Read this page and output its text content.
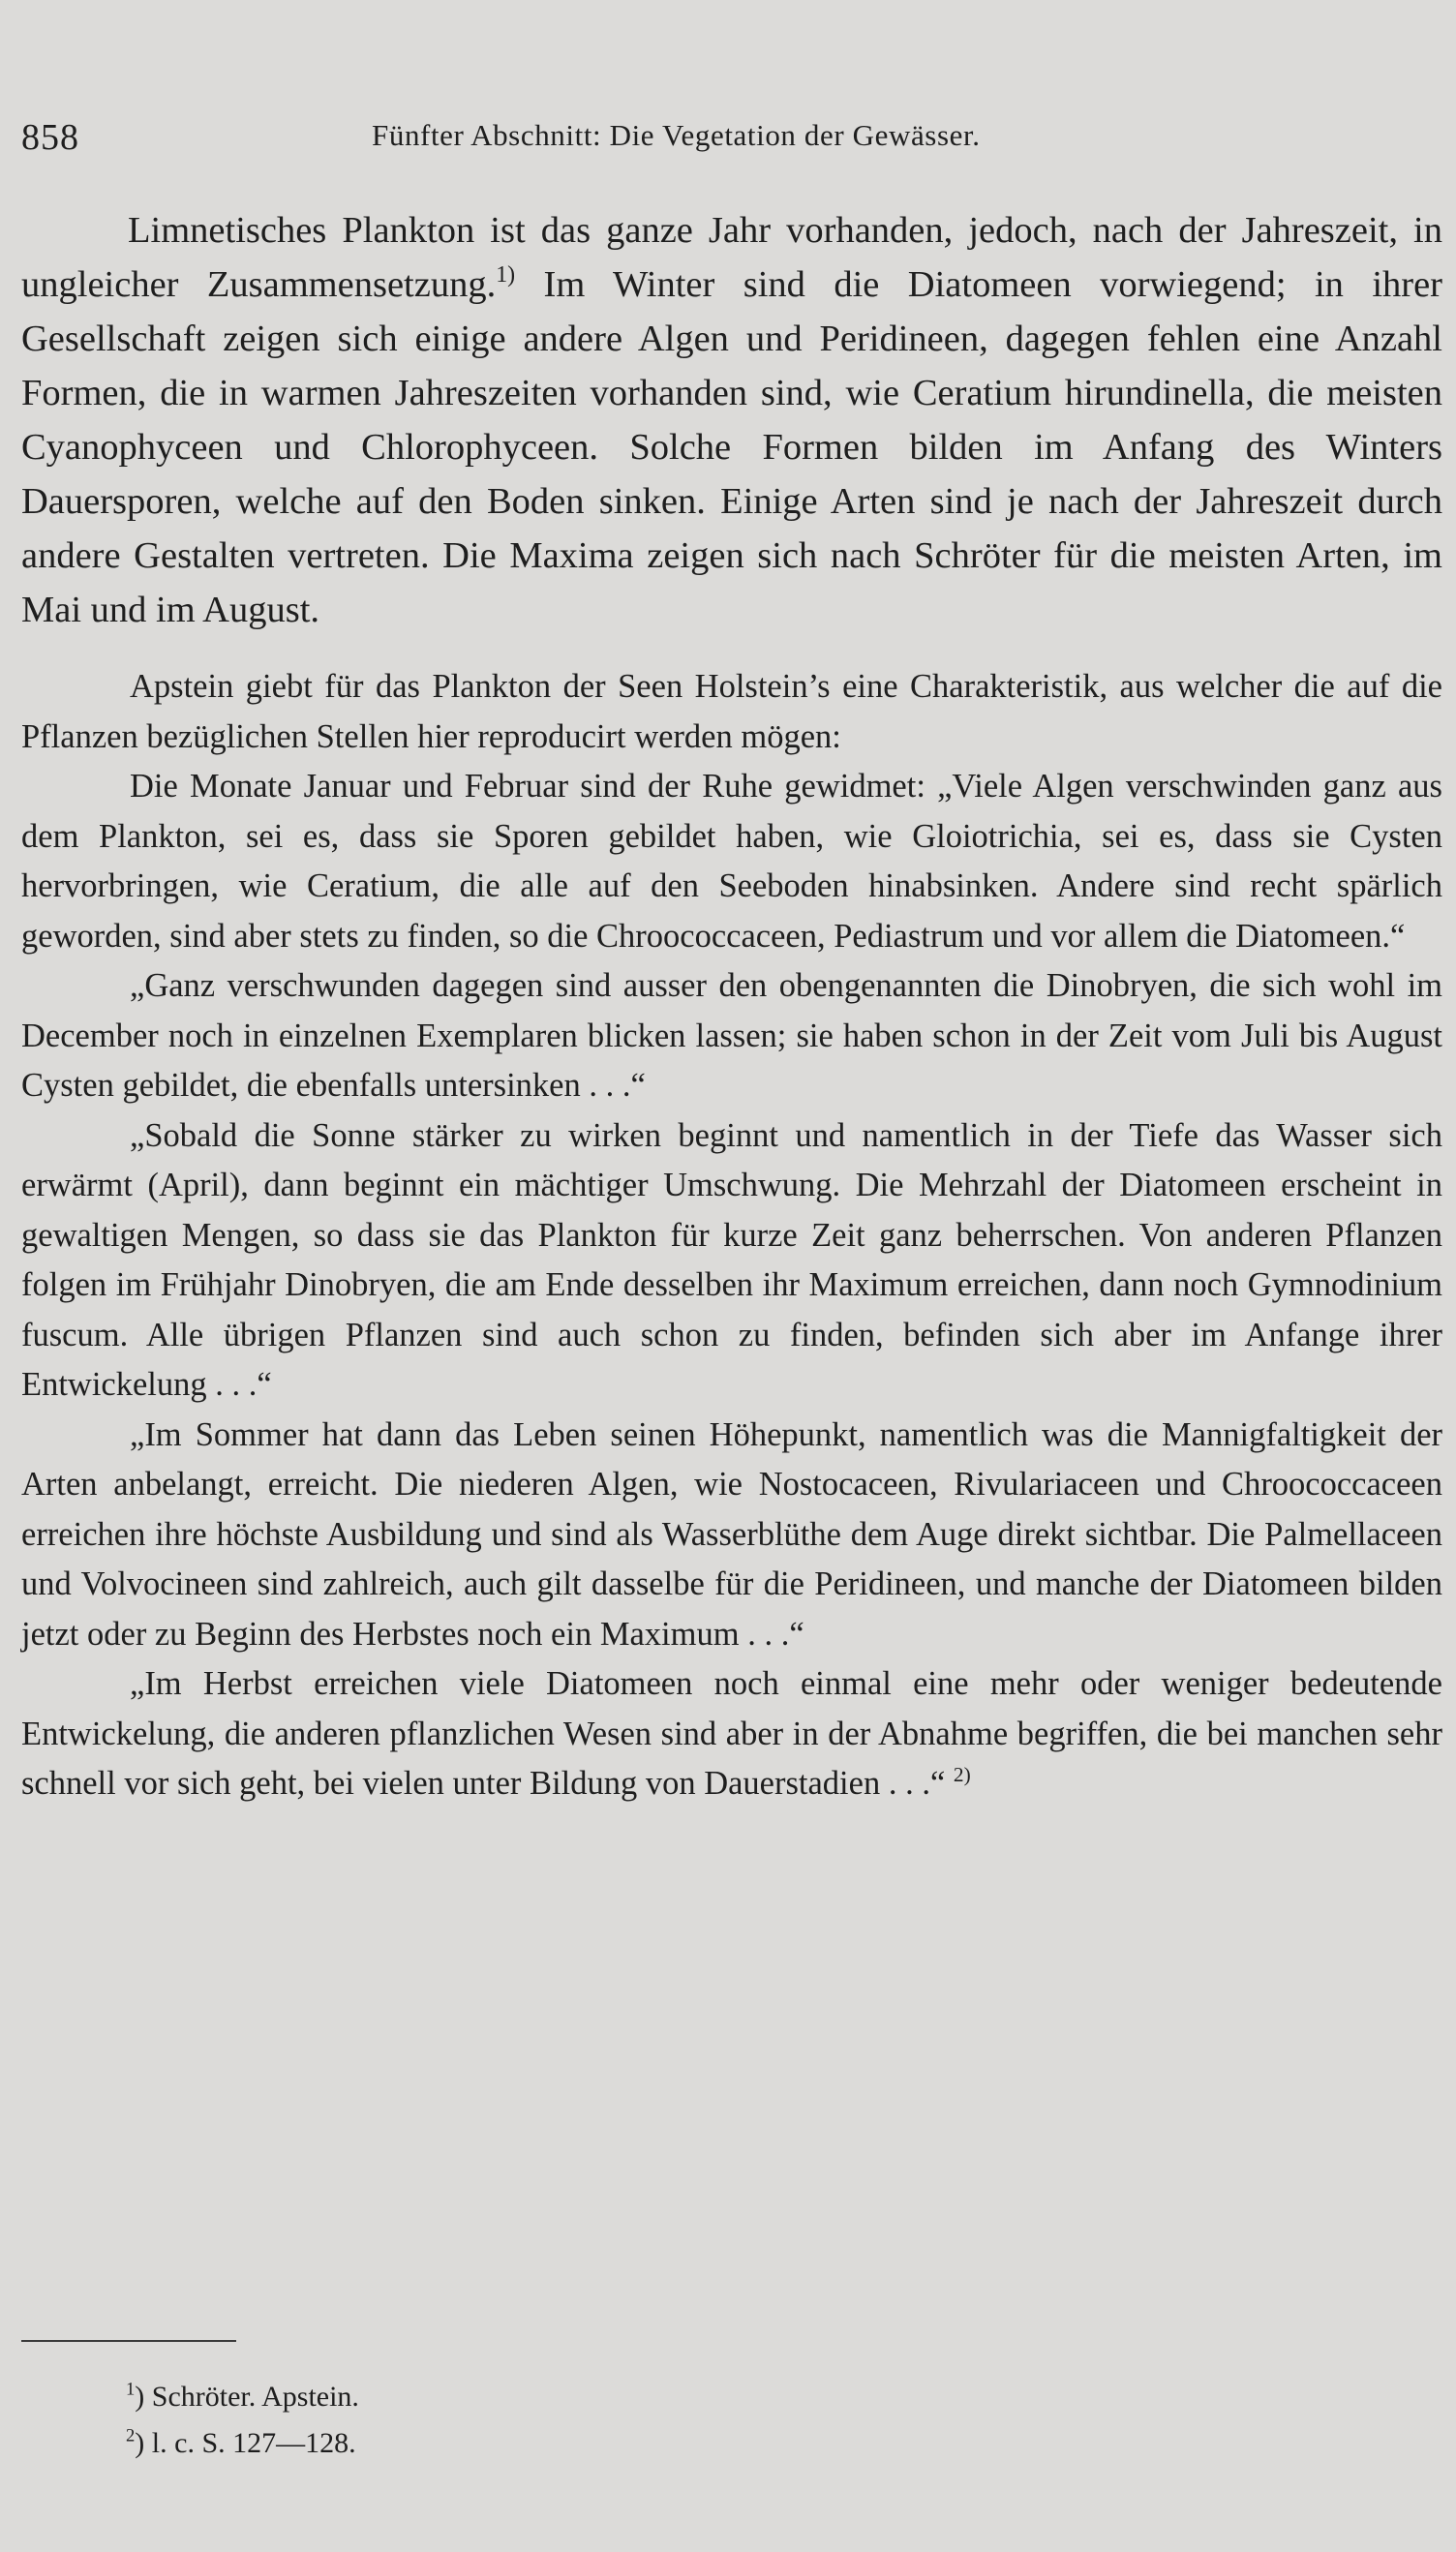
858	Fünfter Abschnitt: Die Vegetation der Gewässer.

Limnetisches Plankton ist das ganze Jahr vorhanden, jedoch, nach der Jahreszeit, in ungleicher Zusammensetzung.$^{1)}$ Im Winter sind die Diatomeen vorwiegend; in ihrer Gesellschaft zeigen sich einige andere Algen und Peridineen, dagegen fehlen eine Anzahl Formen, die in warmen Jahreszeiten vorhanden sind, wie Ceratium hirundinella, die meisten Cyanophyceen und Chlorophyceen. Solche Formen bilden im Anfang des Winters Dauersporen, welche auf den Boden sinken. Einige Arten sind je nach der Jahreszeit durch andere Gestalten vertreten. Die Maxima zeigen sich nach Schröter für die meisten Arten, im Mai und im August.

Apstein giebt für das Plankton der Seen Holstein’s eine Charakteristik, aus welcher die auf die Pflanzen bezüglichen Stellen hier reproducirt werden mögen:

Die Monate Januar und Februar sind der Ruhe gewidmet: „Viele Algen verschwinden ganz aus dem Plankton, sei es, dass sie Sporen gebildet haben, wie Gloiotrichia, sei es, dass sie Cysten hervorbringen, wie Ceratium, die alle auf den Seeboden hinabsinken. Andere sind recht spärlich geworden, sind aber stets zu finden, so die Chroococcaceen, Pediastrum und vor allem die Diatomeen.“

„Ganz verschwunden dagegen sind ausser den obengenannten die Dinobryen, die sich wohl im December noch in einzelnen Exemplaren blicken lassen; sie haben schon in der Zeit vom Juli bis August Cysten gebildet, die ebenfalls untersinken . . .“

„Sobald die Sonne stärker zu wirken beginnt und namentlich in der Tiefe das Wasser sich erwärmt (April), dann beginnt ein mächtiger Umschwung. Die Mehrzahl der Diatomeen erscheint in gewaltigen Mengen, so dass sie das Plankton für kurze Zeit ganz beherrschen. Von anderen Pflanzen folgen im Frühjahr Dinobryen, die am Ende desselben ihr Maximum erreichen, dann noch Gymnodinium fuscum. Alle übrigen Pflanzen sind auch schon zu finden, befinden sich aber im Anfange ihrer Entwickelung . . .“

„Im Sommer hat dann das Leben seinen Höhepunkt, namentlich was die Mannigfaltigkeit der Arten anbelangt, erreicht. Die niederen Algen, wie Nostocaceen, Rivulariaceen und Chroococcaceen erreichen ihre höchste Ausbildung und sind als Wasserblüthe dem Auge direkt sichtbar. Die Palmellaceen und Volvocineen sind zahlreich, auch gilt dasselbe für die Peridineen, und manche der Diatomeen bilden jetzt oder zu Beginn des Herbstes noch ein Maximum . . .“

„Im Herbst erreichen viele Diatomeen noch einmal eine mehr oder weniger bedeutende Entwickelung, die anderen pflanzlichen Wesen sind aber in der Abnahme begriffen, die bei manchen sehr schnell vor sich geht, bei vielen unter Bildung von Dauerstadien . . .“ $^{2)}$

$^1$) Schröter. Apstein.
$^2$) l. c. S. 127—128.
